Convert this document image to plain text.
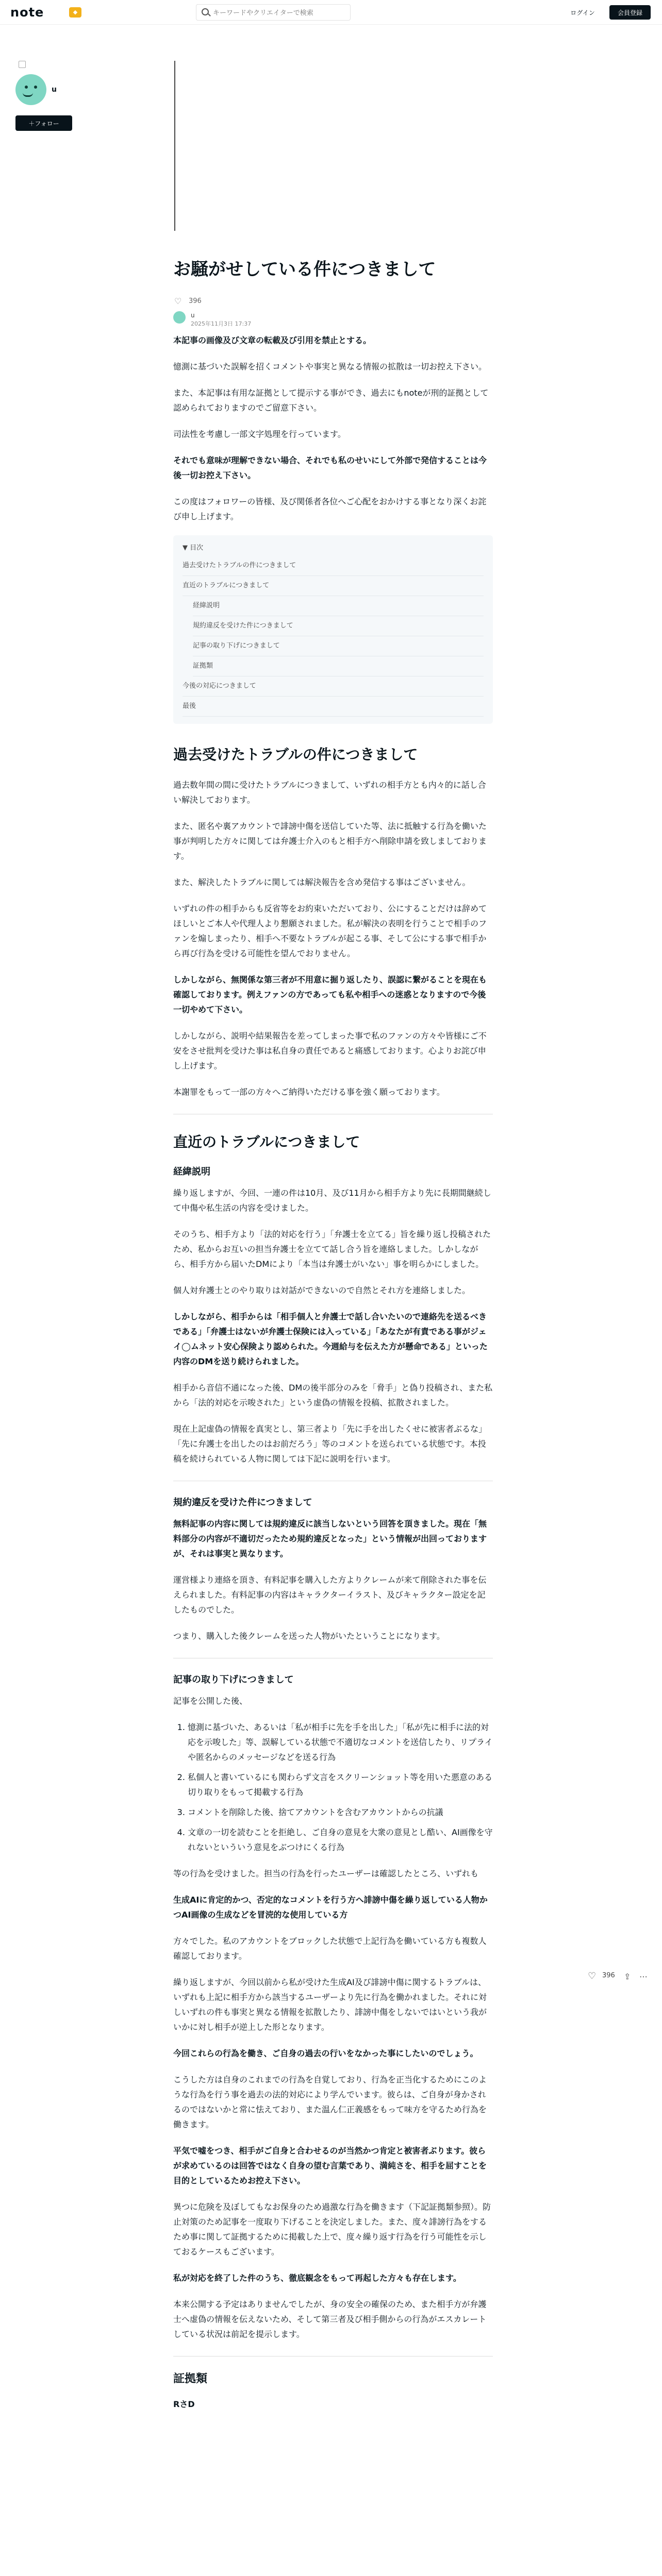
note	◆
キーワードやクリエイターで検索	ログイン	会員登録
u
＋フォロー
お騒がせしている件につきまして
♡ 396
u
2025年11月3日 17:37

本記事の画像及び文章の転載及び引用を禁止とする。

憶測に基づいた誤解を招くコメントや事実と異なる情報の拡散は一切お控え下さい。

また、本記事は有用な証拠として提示する事ができ、過去にもnoteが刑的証拠として認められておりますのでご留意下さい。

司法性を考慮し一部文字処理を行っています。

それでも意味が理解できない場合、それでも私のせいにして外部で発信することは今後一切お控え下さい。

この度はフォロワーの皆様、及び関係者各位へご心配をおかけする事となり深くお詫び申し上げます。

▼ 目次
過去受けたトラブルの件につきまして
直近のトラブルにつきまして
経緯説明
規約違反を受けた件につきまして
記事の取り下げにつきまして
証拠類
今後の対応につきまして
最後
過去受けたトラブルの件につきまして

過去数年間の間に受けたトラブルにつきまして、いずれの相手方とも内々的に話し合い解決しております。

また、匿名や裏アカウントで誹謗中傷を送信していた等、法に抵触する行為を働いた事が判明した方々に関しては弁護士介入のもと相手方へ削除申請を致しましております。

また、解決したトラブルに関しては解決報告を含め発信する事はございません。

いずれの件の相手からも反省等をお約束いただいており、公にすることだけは辞めてほしいとご本人や代理人より懇願されました。私が解決の表明を行うことで相手のファンを煽しまったり、相手へ不要なトラブルが起こる事、そして公にする事で相手から再び行為を受ける可能性を望んでおりません。

しかしながら、無関係な第三者が不用意に掘り返したり、誤認に繋がることを現在も確認しております。例えファンの方であっても私や相手への迷惑となりますので今後一切やめて下さい。

しかしながら、説明や結果報告を差ってしまった事で私のファンの方々や皆様にご不安をさせ批判を受けた事は私自身の責任であると痛感しております。心よりお詫び申し上げます。

本謝罪をもって一部の方々へご納得いただける事を強く願っております。

直近のトラブルにつきまして
経緯説明

繰り返しますが、今回、一連の件は10月、及び11月から相手方より先に長期間継続して中傷や私生活の内容を受けました。

そのうち、相手方より「法的対応を行う」「弁護士を立てる」旨を繰り返し投稿されたため、私からお互いの担当弁護士を立てて話し合う旨を連絡しました。しかしながら、相手方から届いたDMにより「本当は弁護士がいない」事を明らかにしました。

個人対弁護士とのやり取りは対話ができないので自然とそれ方を連絡しました。

しかしながら、相手からは「相手個人と弁護士で話し合いたいので連絡先を送るべきである」「弁護士はないが弁護士保険には入っている」「あなたが有責である事がジェイ◯ムネット安心保険より認められた。今週給与を伝えた方が懸命である」といった内容のDMを送り続けられました。

相手から音信不通になった後、DMの後半部分のみを「脅手」と偽り投稿され、また私から「法的対応を示唆された」という虚偽の情報を投稿、拡散されました。

現在上記虚偽の情報を真実とし、第三者より「先に手を出したくせに被害者ぶるな」「先に弁護士を出したのはお前だろう」等のコメントを送られている状態です。本投稿を続けられている人物に関しては下記に説明を行います。

規約違反を受けた件につきまして

無料記事の内容に関しては規約違反に該当しないという回答を頂きました。現在「無料部分の内容が不適切だったため規約違反となった」という情報が出回っておりますが、それは事実と異なります。

運営様より連絡を頂き、有料記事を購入した方よりクレームが来て削除された事を伝えられました。有料記事の内容はキャラクターイラスト、及びキャラクター設定を記したものでした。

つまり、購入した後クレームを送った人物がいたということになります。

記事の取り下げにつきまして

記事を公開した後、

1. 憶測に基づいた、あるいは「私が相手に先を手を出した」「私が先に相手に法的対応を示唆した」等、誤解している状態で不適切なコメントを送信したり、リプライや匿名からのメッセージなどを送る行為
2. 私個人と書いているにも関わらず文言をスクリーンショット等を用いた悪意のある切り取りをもって掲載する行為
3. コメントを削除した後、捨てアカウントを含むアカウントからの抗議
4. 文章の一切を読むことを拒絶し、ご自身の意見を大衆の意見とし酷い、AI画像を守れないといういう意見をぶつけにくる行為

等の行為を受けました。担当の行為を行ったユーザーは確認したところ、いずれも

生成AIに肯定的かつ、否定的なコメントを行う方へ誹謗中傷を繰り返している人物かつAI画像の生成などを冒涜的な使用している方

方々でした。私のアカウントをブロックした状態で上記行為を働いている方も複数人確認しております。

繰り返しますが、今回以前から私が受けた生成AI及び誹謗中傷に関するトラブルは、いずれも上記に相手方から該当するユーザーより先に行為を働かれました。それに対しいずれの件も事実と異なる情報を拡散したり、誹謗中傷をしないではいという我がいかに対し相手が逆上した形となります。

今回これらの行為を働き、ご自身の過去の行いをなかった事にしたいのでしょう。

こうした方は自身のこれまでの行為を自覚しており、行為を正当化するためにこのような行為を行う事を過去の法的対応により学んでいます。彼らは、ご自身が身かされるのではないかと常に怯えており、また温ん仁正義感をもって味方を守るため行為を働きます。

平気で嘘をつき、相手がご自身と合わせるのが当然かつ肯定と被害者ぶります。彼らが求めているのは回答ではなく自身の望む言葉であり、満純さを、相手を屈すことを目的としているためお控え下さい。

異つに危険を及ぼしてもなお保身のため過激な行為を働きます（下記証拠類参照）。防止対策のため記事を一度取り下げることを決定しました。また、度々誹謗行為をするため事に関して証拠するために掲載した上で、度々繰り返す行為を行う可能性を示しておるケースもございます。

私が対応を終了した件のうち、徹底観念をもって再起した方々も存在します。

本来公開する予定はありませんでしたが、身の安全の確保のため、また相手方が弁護士へ虚偽の情報を伝えないため、そして第三者及び相手側からの行為がエスカレートしている状況は前記を提示します。

証拠類

RさD

♡ 396 ⇪ ⋯
